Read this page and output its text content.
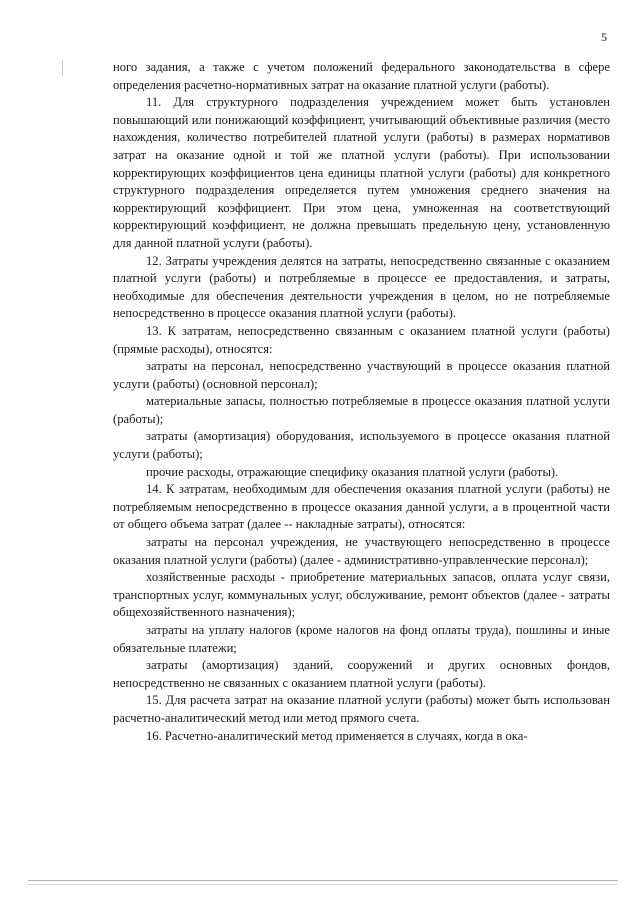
5

ного задания, а также с учетом положений федерального законодательства в сфере определения расчетно-нормативных затрат на оказание платной услуги (работы).

11. Для структурного подразделения учреждением может быть установлен повышающий или понижающий коэффициент, учитывающий объективные различия (место нахождения, количество потребителей платной услуги (работы) в размерах нормативов затрат на оказание одной и той же платной услуги (работы). При использовании корректирующих коэффициентов цена единицы платной услуги (работы) для конкретного структурного подразделения определяется путем умножения среднего значения на корректирующий коэффициент. При этом цена, умноженная на соответствующий корректирующий коэффициент, не должна превышать предельную цену, установленную для данной платной услуги (работы).

12. Затраты учреждения делятся на затраты, непосредственно связанные с оказанием платной услуги (работы) и потребляемые в процессе ее предоставления, и затраты, необходимые для обеспечения деятельности учреждения в целом, но не потребляемые непосредственно в процессе оказания платной услуги (работы).

13. К затратам, непосредственно связанным с оказанием платной услуги (работы) (прямые расходы), относятся:

затраты на персонал, непосредственно участвующий в процессе оказания платной услуги (работы) (основной персонал);

материальные запасы, полностью потребляемые в процессе оказания платной услуги (работы);

затраты (амортизация) оборудования, используемого в процессе оказания платной услуги (работы);

прочие расходы, отражающие специфику оказания платной услуги (работы).

14. К затратам, необходимым для обеспечения оказания платной услуги (работы) не потребляемым непосредственно в процессе оказания данной услуги, а в процентной части от общего объема затрат (далее -- накладные затраты), относятся:

затраты на персонал учреждения, не участвующего непосредственно в процессе оказания платной услуги (работы) (далее - административно-управленческие персонал);

хозяйственные расходы - приобретение материальных запасов, оплата услуг связи, транспортных услуг, коммунальных услуг, обслуживание, ремонт объектов (далее - затраты общехозяйственного назначения);

затраты на уплату налогов (кроме налогов на фонд оплаты труда), пошлины и иные обязательные платежи;

затраты (амортизация) зданий, сооружений и других основных фондов, непосредственно не связанных с оказанием платной услуги (работы).

15. Для расчета затрат на оказание платной услуги (работы) может быть использован расчетно-аналитический метод или метод прямого счета.

16. Расчетно-аналитический метод применяется в случаях, когда в ока-
